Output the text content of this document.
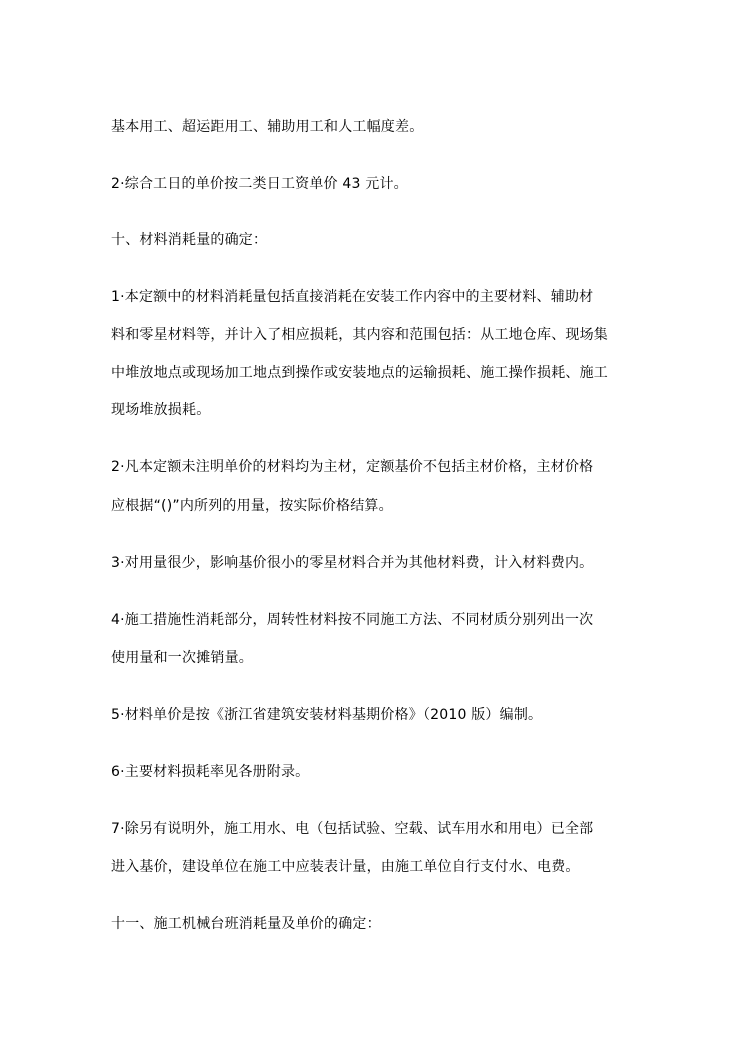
基本用工、超运距用工、辅助用工和人工幅度差。
2·综合工日的单价按二类日工资单价 43 元计。
十、材料消耗量的确定：
1·本定额中的材料消耗量包括直接消耗在安装工作内容中的主要材料、辅助材
料和零星材料等，并计入了相应损耗，其内容和范围包括：从工地仓库、现场集
中堆放地点或现场加工地点到操作或安装地点的运输损耗、施工操作损耗、施工
现场堆放损耗。
2·凡本定额未注明单价的材料均为主材，定额基价不包括主材价格，主材价格
应根据“()”内所列的用量，按实际价格结算。
3·对用量很少，影响基价很小的零星材料合并为其他材料费，计入材料费内。
4·施工措施性消耗部分，周转性材料按不同施工方法、不同材质分别列出一次
使用量和一次摊销量。
5·材料单价是按《浙江省建筑安装材料基期价格》（2010 版）编制。
6·主要材料损耗率见各册附录。
7·除另有说明外，施工用水、电（包括试验、空载、试车用水和用电）已全部
进入基价，建设单位在施工中应装表计量，由施工单位自行支付水、电费。
十一、施工机械台班消耗量及单价的确定：
